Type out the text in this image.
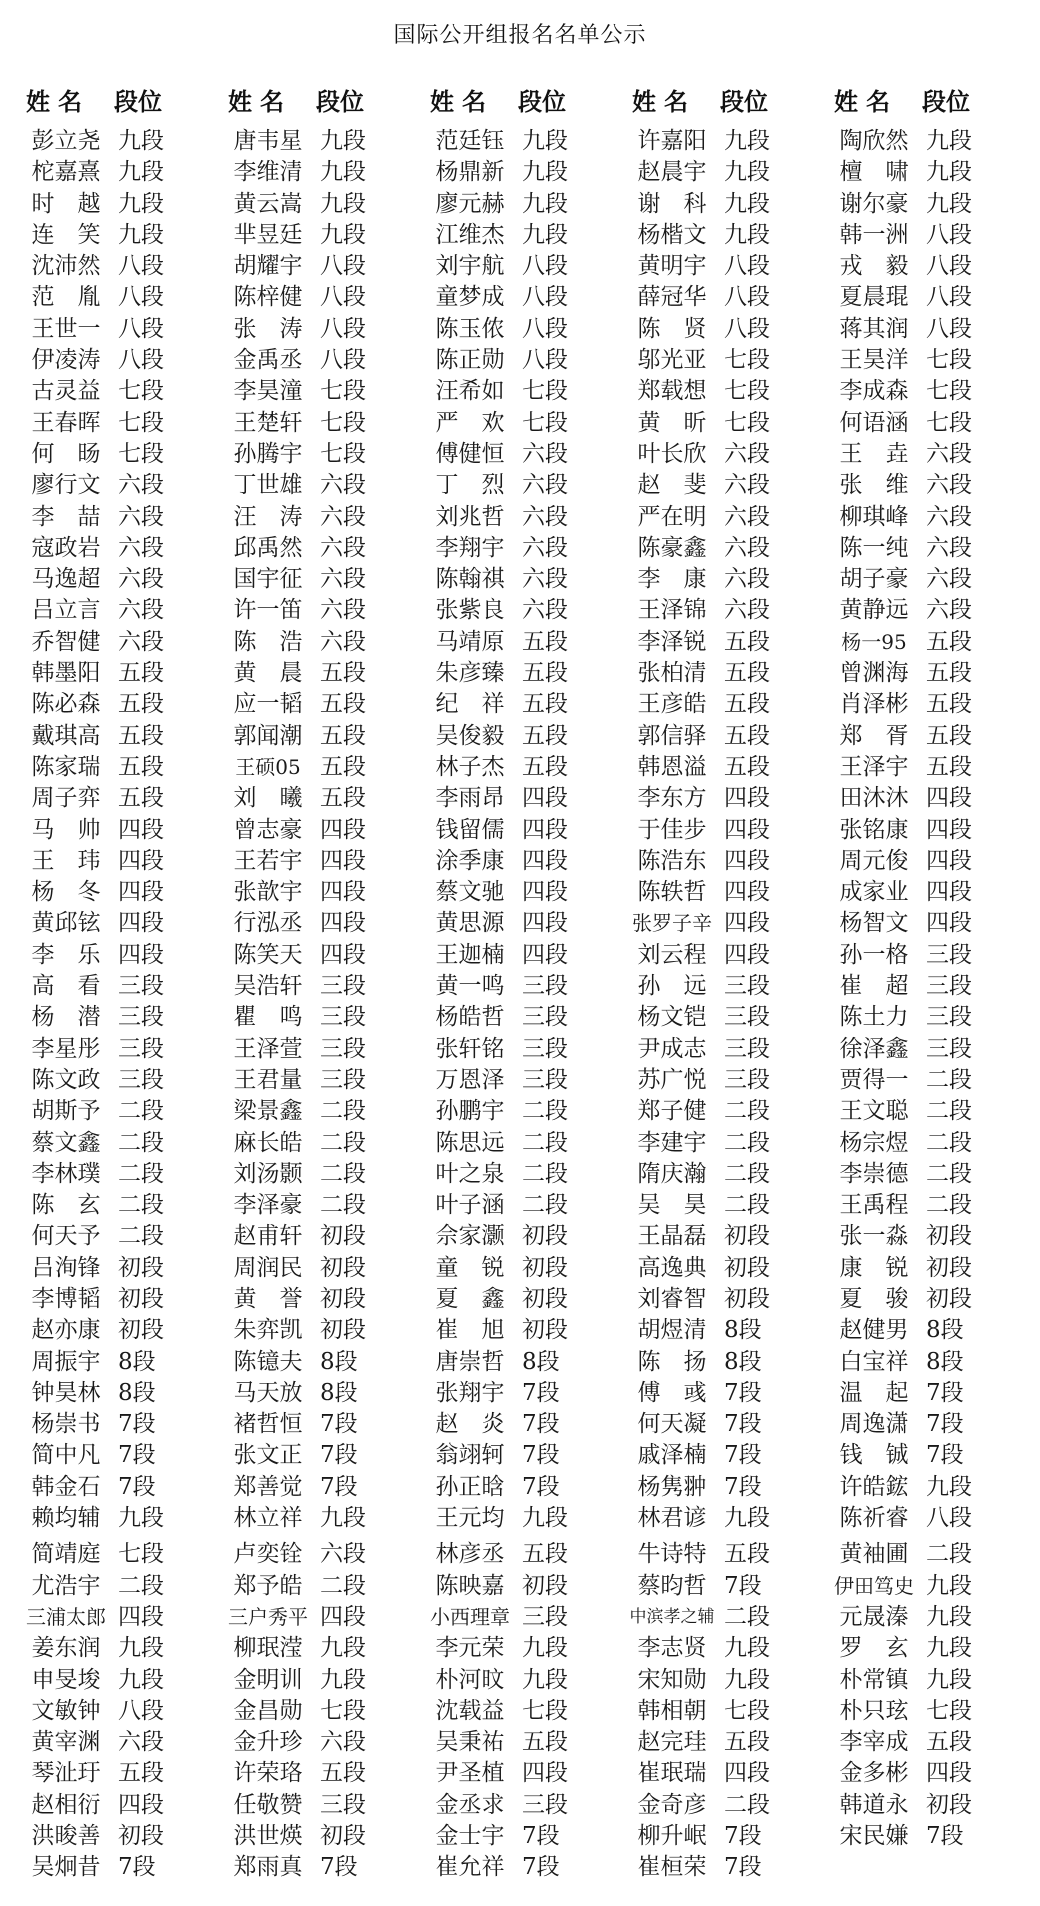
国际公开组报名名单公示
姓名 段位
彭立尧 九段
柁嘉熹 九段
时　越 九段
连　笑 九段
沈沛然 八段
范　胤 八段
王世一 八段
伊凌涛 八段
古灵益 七段
王春晖 七段
何　旸 七段
廖行文 六段
李　喆 六段
寇政岩 六段
马逸超 六段
吕立言 六段
乔智健 六段
韩墨阳 五段
陈必森 五段
戴琪高 五段
陈家瑞 五段
周子弈 五段
马　帅 四段
王　玮 四段
杨　冬 四段
黄邱铉 四段
李　乐 四段
高　看 三段
杨　潜 三段
李星彤 三段
陈文政 三段
胡斯予 二段
蔡文鑫 二段
李林璞 二段
陈　玄 二段
何天予 二段
吕洵锋 初段
李博韬 初段
赵亦康 初段
周振宇 8段
钟昊林 8段
杨崇书 7段
简中凡 7段
韩金石 7段
赖均辅 九段
简靖庭 七段
尤浩宇 二段
三浦太郎 四段
姜东润 九段
申旻埈 九段
文敏钟 八段
黄宰渊 六段
琴沚玗 五段
赵相衍 四段
洪晙善 初段
吴炯昔 7段
姓名 段位
唐韦星 九段
李维清 九段
黄云嵩 九段
芈昱廷 九段
胡耀宇 八段
陈梓健 八段
张　涛 八段
金禹丞 八段
李昊潼 七段
王楚轩 七段
孙腾宇 七段
丁世雄 六段
汪　涛 六段
邱禹然 六段
国宇征 六段
许一笛 六段
陈　浩 六段
黄　晨 五段
应一韬 五段
郭闻潮 五段
王硕05 五段
刘　曦 五段
曾志豪 四段
王若宇 四段
张歆宇 四段
行泓丞 四段
陈笑天 四段
吴浩轩 三段
瞿　鸣 三段
王泽萱 三段
王君量 三段
梁景鑫 二段
麻长皓 二段
刘汤颢 二段
李泽豪 二段
赵甫轩 初段
周润民 初段
黄　誉 初段
朱弈凯 初段
陈镱夫 8段
马天放 8段
褚哲恒 7段
张文正 7段
郑善觉 7段
林立祥 九段
卢奕铨 六段
郑予皓 二段
三户秀平 四段
柳珉滢 九段
金明训 九段
金昌勋 七段
金升珍 六段
许荣珞 五段
任敬赞 三段
洪世煐 初段
郑雨真 7段
姓名 段位
范廷钰 九段
杨鼎新 九段
廖元赫 九段
江维杰 九段
刘宇航 八段
童梦成 八段
陈玉侬 八段
陈正勋 八段
汪希如 七段
严　欢 七段
傅健恒 六段
丁　烈 六段
刘兆哲 六段
李翔宇 六段
陈翰祺 六段
张紫良 六段
马靖原 五段
朱彦臻 五段
纪　祥 五段
吴俊毅 五段
林子杰 五段
李雨昂 四段
钱留儒 四段
涂季康 四段
蔡文驰 四段
黄思源 四段
王迦楠 四段
黄一鸣 三段
杨皓哲 三段
张轩铭 三段
万恩泽 三段
孙鹏宇 二段
陈思远 二段
叶之泉 二段
叶子涵 二段
佘家灏 初段
童　锐 初段
夏　鑫 初段
崔　旭 初段
唐崇哲 8段
张翔宇 7段
赵　炎 7段
翁翊轲 7段
孙正晗 7段
王元均 九段
林彦丞 五段
陈映嘉 初段
小西理章 三段
李元荣 九段
朴河旼 九段
沈载益 七段
吴秉祐 五段
尹圣植 四段
金丞求 三段
金士宇 7段
崔允祥 7段
姓名 段位
许嘉阳 九段
赵晨宇 九段
谢　科 九段
杨楷文 九段
黄明宇 八段
薛冠华 八段
陈　贤 八段
邬光亚 七段
郑载想 七段
黄　昕 七段
叶长欣 六段
赵　斐 六段
严在明 六段
陈豪鑫 六段
李　康 六段
王泽锦 六段
李泽锐 五段
张柏清 五段
王彦皓 五段
郭信驿 五段
韩恩溢 五段
李东方 四段
于佳步 四段
陈浩东 四段
陈轶哲 四段
张罗子辛 四段
刘云程 四段
孙　远 三段
杨文铠 三段
尹成志 三段
苏广悦 三段
郑子健 二段
李建宇 二段
隋庆瀚 二段
吴　昊 二段
王晶磊 初段
高逸典 初段
刘睿智 初段
胡煜清 8段
陈　扬 8段
傅　彧 7段
何天凝 7段
戚泽楠 7段
杨隽翀 7段
林君谚 九段
牛诗特 五段
蔡昀哲 7段
中滨孝之辅 二段
李志贤 九段
宋知勋 九段
韩相朝 七段
赵完珪 五段
崔珉瑞 四段
金奇彦 二段
柳升岷 7段
崔桓荣 7段
姓名 段位
陶欣然 九段
檀　啸 九段
谢尔豪 九段
韩一洲 八段
戎　毅 八段
夏晨琨 八段
蒋其润 八段
王昊洋 七段
李成森 七段
何语涵 七段
王　垚 六段
张　维 六段
柳琪峰 六段
陈一纯 六段
胡子豪 六段
黄静远 六段
杨一95 五段
曾渊海 五段
肖泽彬 五段
郑　胥 五段
王泽宇 五段
田沐沐 四段
张铭康 四段
周元俊 四段
成家业 四段
杨智文 四段
孙一格 三段
崔　超 三段
陈土力 三段
徐泽鑫 三段
贾得一 二段
王文聪 二段
杨宗煜 二段
李崇德 二段
王禹程 二段
张一淼 初段
康　锐 初段
夏　骏 初段
赵健男 8段
白宝祥 8段
温　起 7段
周逸潇 7段
钱　铖 7段
许皓鋐 九段
陈祈睿 八段
黄袖圃 二段
伊田笃史 九段
元晟溱 九段
罗　玄 九段
朴常镇 九段
朴只玹 七段
李宰成 五段
金多彬 四段
韩道永 初段
宋民嫌 7段
